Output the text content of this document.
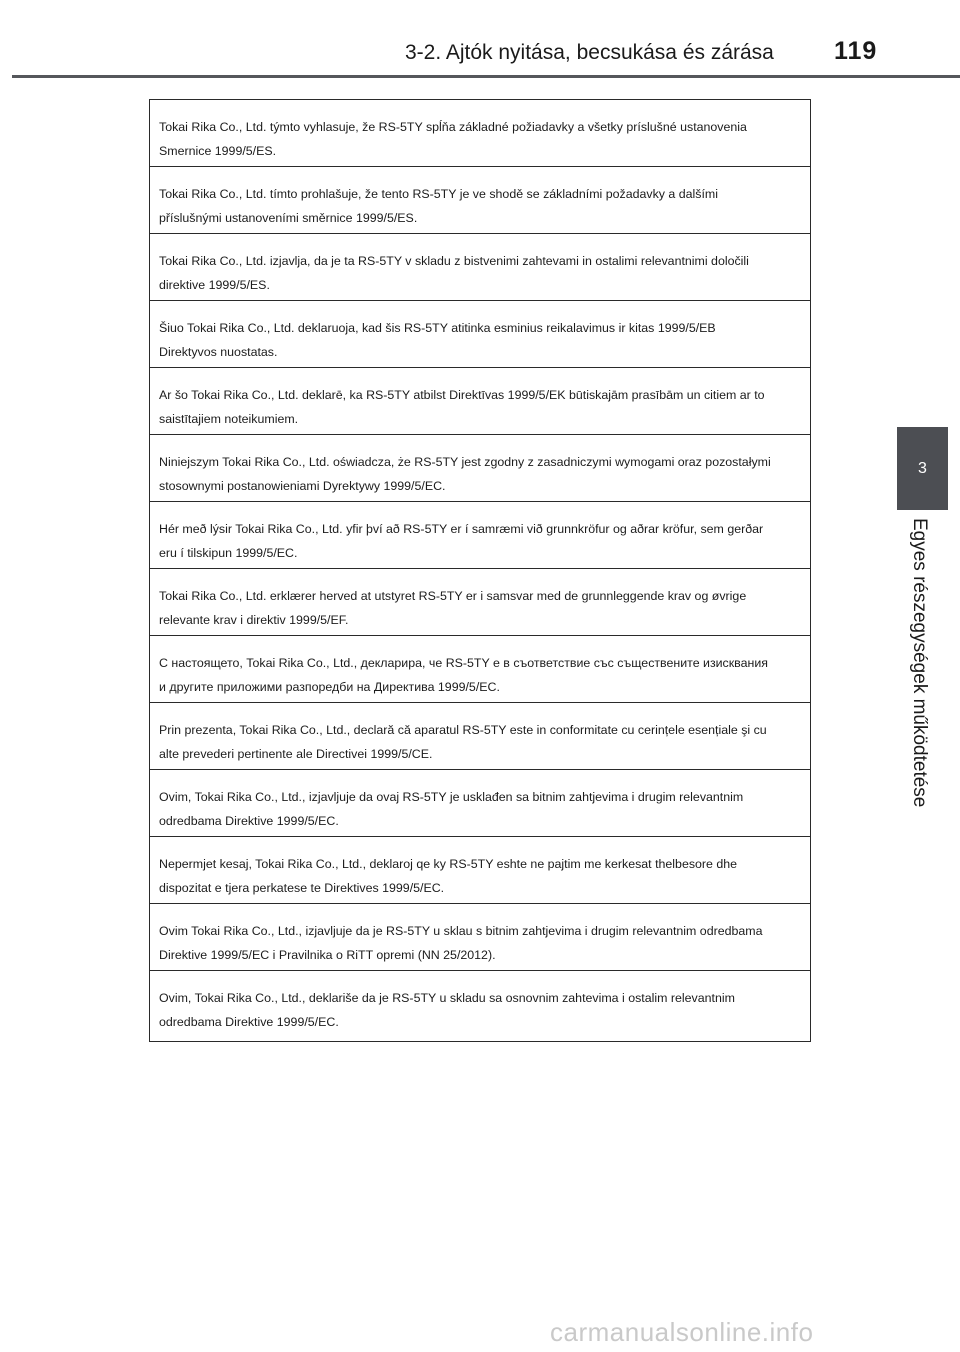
3-2. Ajtók nyitása, becsukása és zárása 119
3
Egyes részegységek működtetése
Tokai Rika Co., Ltd. týmto vyhlasuje, že RS-5TY spĺňa základné požiadavky a všetky príslušné ustanovenia Smernice 1999/5/ES.
Tokai Rika Co., Ltd. tímto prohlašuje, že tento RS-5TY je ve shodě se základními požadavky a dalšími příslušnými ustanoveními směrnice 1999/5/ES.
Tokai Rika Co., Ltd. izjavlja, da je ta RS-5TY v skladu z bistvenimi zahtevami in ostalimi relevantnimi določili direktive 1999/5/ES.
Šiuo Tokai Rika Co., Ltd. deklaruoja, kad šis RS-5TY atitinka esminius reikalavimus ir kitas 1999/5/EB Direktyvos nuostatas.
Ar šo Tokai Rika Co., Ltd. deklarē, ka RS-5TY atbilst Direktīvas 1999/5/EK būtiskajām prasībām un citiem ar to saistītajiem noteikumiem.
Niniejszym Tokai Rika Co., Ltd. oświadcza, że RS-5TY jest zgodny z zasadniczymi wymogami oraz pozostałymi stosownymi postanowieniami Dyrektywy 1999/5/EC.
Hér með lýsir Tokai Rika Co., Ltd. yfir því að RS-5TY er í samræmi við grunnkröfur og aðrar kröfur, sem gerðar eru í tilskipun 1999/5/EC.
Tokai Rika Co., Ltd. erklærer herved at utstyret RS-5TY er i samsvar med de grunnleggende krav og øvrige relevante krav i direktiv 1999/5/EF.
С настоящето, Tokai Rika Co., Ltd., декларира, че RS-5TY е в съответствие със съществените изисквания и другите приложими разпоредби на Директива 1999/5/EC.
Prin prezenta, Tokai Rika Co., Ltd., declară că aparatul RS-5TY este in conformitate cu cerințele esențiale şi cu alte prevederi pertinente ale Directivei 1999/5/CE.
Ovim, Tokai Rika Co., Ltd., izjavljuje da ovaj RS-5TY je usklađen sa bitnim zahtjevima i drugim relevantnim odredbama Direktive 1999/5/EC.
Nepermjet kesaj, Tokai Rika Co., Ltd., deklaroj qe ky RS-5TY eshte ne pajtim me kerkesat thelbesore dhe dispozitat e tjera perkatese te Direktives 1999/5/EC.
Ovim Tokai Rika Co., Ltd., izjavljuje da je RS-5TY u sklau s bitnim zahtjevima i drugim relevantnim odredbama Direktive 1999/5/EC i Pravilnika o RiTT opremi (NN 25/2012).
Ovim, Tokai Rika Co., Ltd., deklariše da je RS-5TY u skladu sa osnovnim zahtevima i ostalim relevantnim odredbama Direktive 1999/5/EC.
carmanualsonline.info
